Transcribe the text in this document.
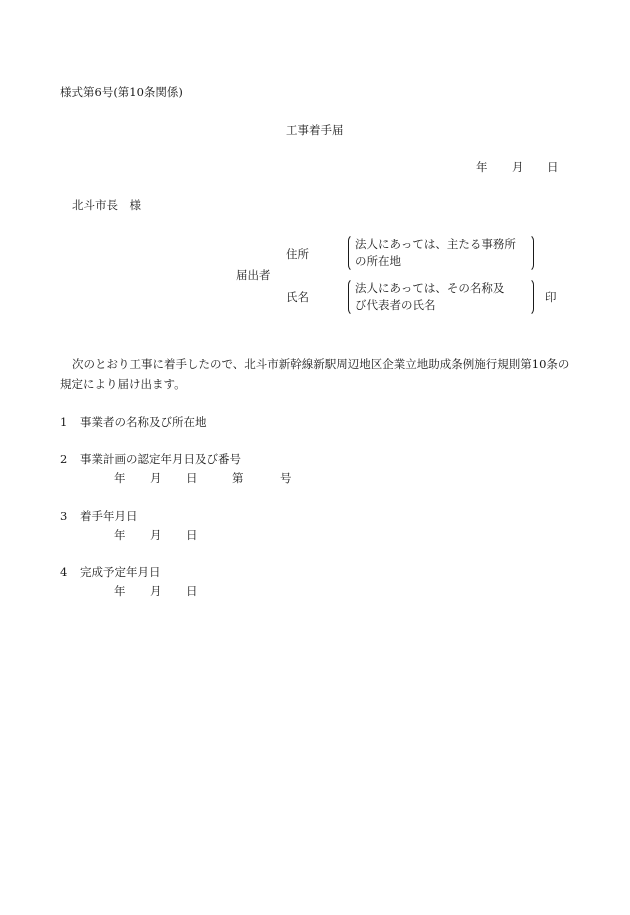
様式第6号(第10条関係)
工事着手届
年 月 日
北斗市長　様
届出者
住所
法人にあっては、主たる事務所
の所在地
氏名
法人にあっては、その名称及
び代表者の氏名
印
次のとおり工事に着手したので、北斗市新幹線新駅周辺地区企業立地助成条例施行規則第10条の規定により届け出ます。
1 事業者の名称及び所在地
2 事業計画の認定年月日及び番号
年 月 日	第	号
3 着手年月日
年 月 日
4 完成予定年月日
年 月 日
